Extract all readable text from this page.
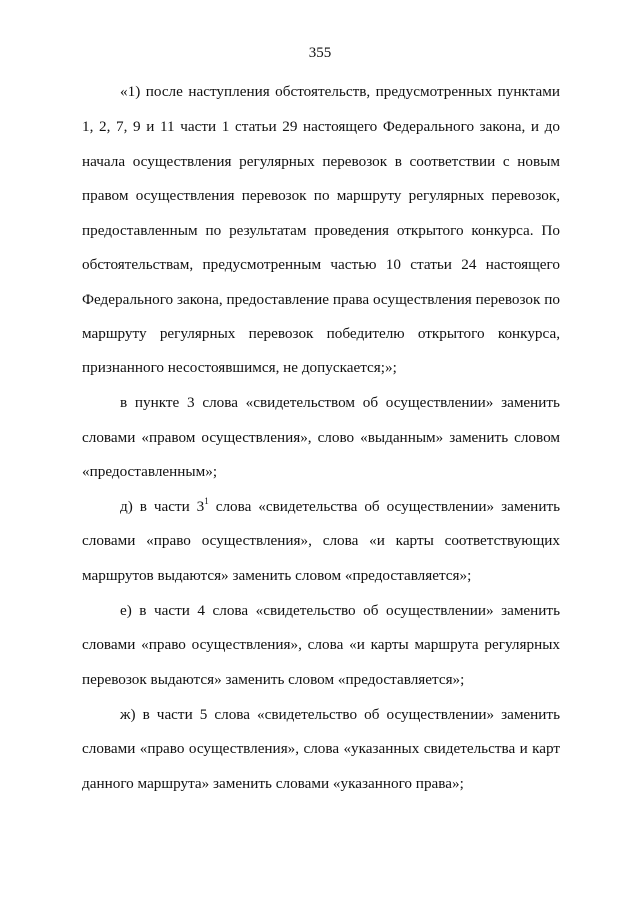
355
«1) после наступления обстоятельств, предусмотренных пунктами
1, 2, 7, 9 и 11 части 1 статьи 29 настоящего Федерального закона, и до
начала осуществления регулярных перевозок в соответствии с новым
правом осуществления перевозок по маршруту регулярных перевозок,
предоставленным по результатам проведения открытого конкурса. По
обстоятельствам, предусмотренным частью 10 статьи 24 настоящего
Федерального закона, предоставление права осуществления перевозок по
маршруту регулярных перевозок победителю открытого конкурса,
признанного несостоявшимся, не допускается;»;
в пункте 3 слова «свидетельством об осуществлении» заменить
словами «правом осуществления», слово «выданным» заменить словом
«предоставленным»;
д) в части $3^1$ слова «свидетельства об осуществлении» заменить
словами «право осуществления», слова «и карты соответствующих
маршрутов выдаются» заменить словом «предоставляется»;
е) в части 4 слова «свидетельство об осуществлении» заменить
словами «право осуществления», слова «и карты маршрута регулярных
перевозок выдаются» заменить словом «предоставляется»;
ж) в части 5 слова «свидетельство об осуществлении» заменить
словами «право осуществления», слова «указанных свидетельства и карт
данного маршрута» заменить словами «указанного права»;
